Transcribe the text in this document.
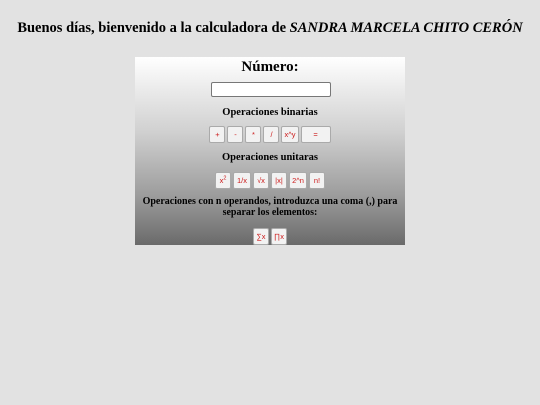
Buenos días, bienvenido a la calculadora de SANDRA MARCELA CHITO CERÓN
Número:
Operaciones binarias
+	-	*	/	x^y	=
Operaciones unitaras
$x^2$	1/x	√x	|x|	2^n	n!
Operaciones con n operandos, introduzca una coma (,) para separar los elementos:
∑x	∏x
